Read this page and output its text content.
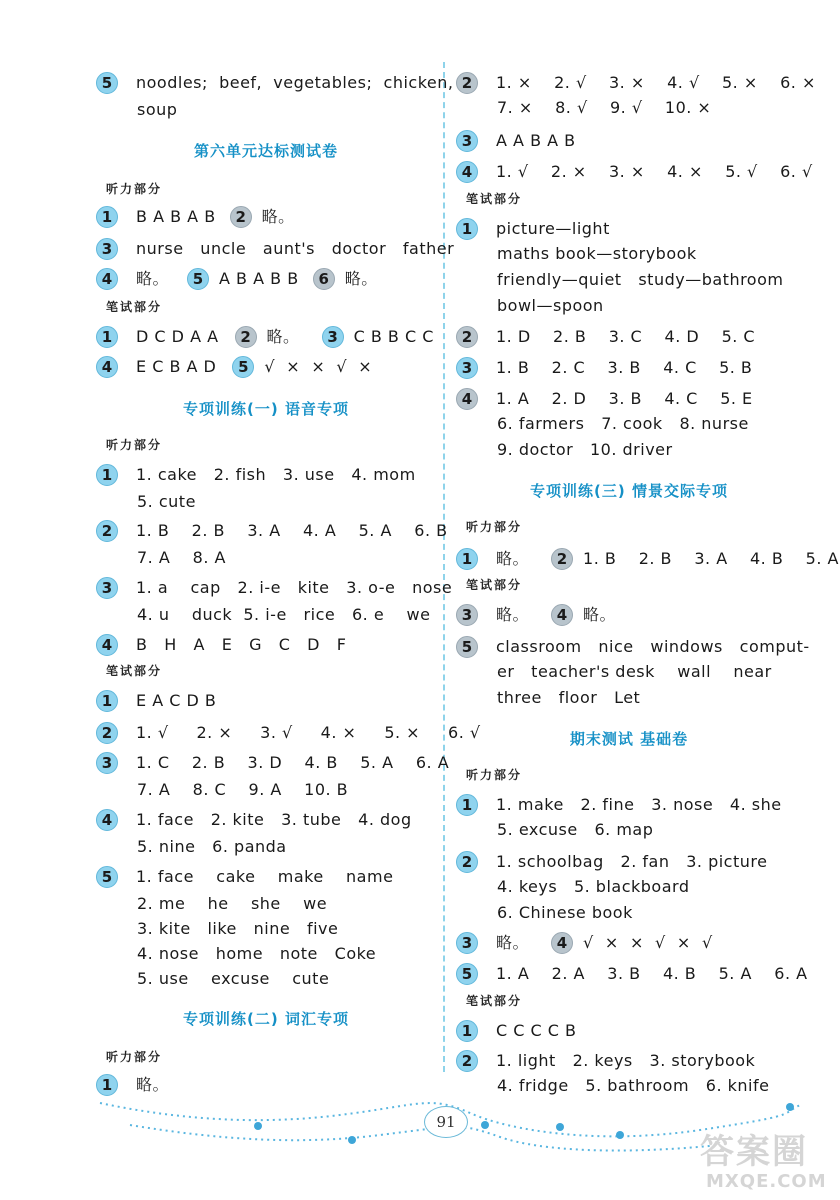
5	noodles;  beef,  vegetables;  chicken,
soup
第六单元达标测试卷
听力部分
1	B A B A B	2 略。
3	nurse   uncle   aunt's   doctor   father
4	略。	5 A B A B B	6 略。
笔试部分
1	D C D A A	2 略。	3 C B B C C
4	E C B A D	5 √  ×  ×  √  ×
专项训练(一) 语音专项
听力部分
1	1. cake   2. fish   3. use   4. mom
5. cute
2	1. B    2. B    3. A    4. A    5. A    6. B
7. A    8. A
3	1. a    cap   2. i-e   kite   3. o-e   nose
4. u    duck  5. i-e   rice   6. e    we
4	B   H   A   E   G   C   D   F
笔试部分
1	E A C D B
2	1. √     2. ×     3. √     4. ×     5. ×     6. √
3	1. C    2. B    3. D    4. B    5. A    6. A
7. A    8. C    9. A    10. B
4	1. face   2. kite   3. tube   4. dog
5. nine   6. panda
5	1. face    cake    make    name
2. me    he    she    we
3. kite   like   nine   five
4. nose   home   note   Coke
5. use    excuse    cute
专项训练(二) 词汇专项
听力部分
1	略。
2	1. ×    2. √    3. ×    4. √    5. ×    6. ×
7. ×    8. √    9. √    10. ×
3	A A B A B
4	1. √    2. ×    3. ×    4. ×    5. √    6. √
笔试部分
1	picture—light
maths book—storybook
friendly—quiet   study—bathroom
bowl—spoon
2	1. D    2. B    3. C    4. D    5. C
3	1. B    2. C    3. B    4. C    5. B
4	1. A    2. D    3. B    4. C    5. E
6. farmers   7. cook   8. nurse
9. doctor   10. driver
专项训练(三) 情景交际专项
听力部分
1	略。	2 1. B    2. B    3. A    4. B    5. A
笔试部分
3	略。	4 略。
5	classroom   nice   windows   comput-
er   teacher's desk    wall    near
three   floor   Let
期末测试 基础卷
听力部分
1	1. make   2. fine   3. nose   4. she
5. excuse   6. map
2	1. schoolbag   2. fan   3. picture
4. keys   5. blackboard
6. Chinese book
3	略。	4 √  ×  ×  √  ×  √
5	1. A    2. A    3. B    4. B    5. A    6. A
笔试部分
1	C C C C B
2	1. light   2. keys   3. storybook
4. fridge   5. bathroom   6. knife
91
答案圈
MXQE.COM
